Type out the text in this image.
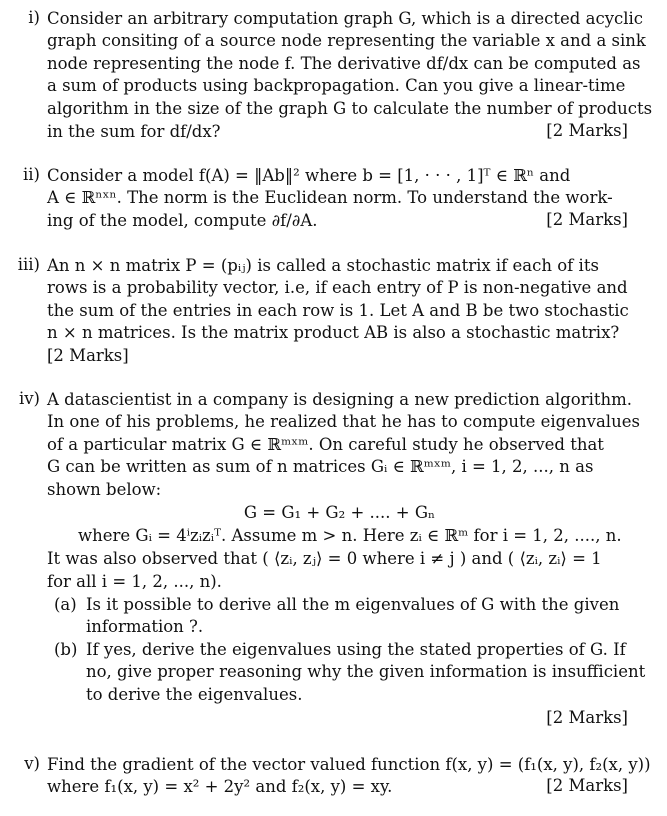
i) Consider an arbitrary computation graph G, which is a directed acyclic
graph consiting of a source node representing the variable x and a sink
node representing the node f. The derivative df/dx can be computed as
a sum of products using backpropagation. Can you give a linear-time
algorithm in the size of the graph G to calculate the number of products
in the sum for df/dx?	[2 Marks]
ii) Consider a model f(A) = ‖Ab‖² where b = [1, · · · , 1]ᵀ ∈ ℝⁿ and
A ∈ ℝⁿˣⁿ. The norm is the Euclidean norm. To understand the work-
ing of the model, compute ∂f/∂A.	[2 Marks]
iii) An n × n matrix P = (pᵢⱼ) is called a stochastic matrix if each of its
rows is a probability vector, i.e, if each entry of P is non-negative and
the sum of the entries in each row is 1. Let A and B be two stochastic
n × n matrices. Is the matrix product AB is also a stochastic matrix?
[2 Marks]
iv) A datascientist in a company is designing a new prediction algorithm.
In one of his problems, he realized that he has to compute eigenvalues
of a particular matrix G ∈ ℝᵐˣᵐ. On careful study he observed that
G can be written as sum of n matrices Gᵢ ∈ ℝᵐˣᵐ, i = 1, 2, ..., n as
shown below:
G = G₁ + G₂ + .... + Gₙ
where Gᵢ = 4ⁱzᵢzᵢᵀ. Assume m > n. Here zᵢ ∈ ℝᵐ for i = 1, 2, ...., n.
It was also observed that ( ⟨zᵢ, zⱼ⟩ = 0 where i ≠ j ) and ( ⟨zᵢ, zᵢ⟩ = 1
for all i = 1, 2, ..., n).
(a) Is it possible to derive all the m eigenvalues of G with the given
information ?.
(b) If yes, derive the eigenvalues using the stated properties of G. If
no, give proper reasoning why the given information is insufficient
to derive the eigenvalues.
[2 Marks]
v) Find the gradient of the vector valued function f(x, y) = (f₁(x, y), f₂(x, y))
where f₁(x, y) = x² + 2y² and f₂(x, y) = xy.	[2 Marks]
